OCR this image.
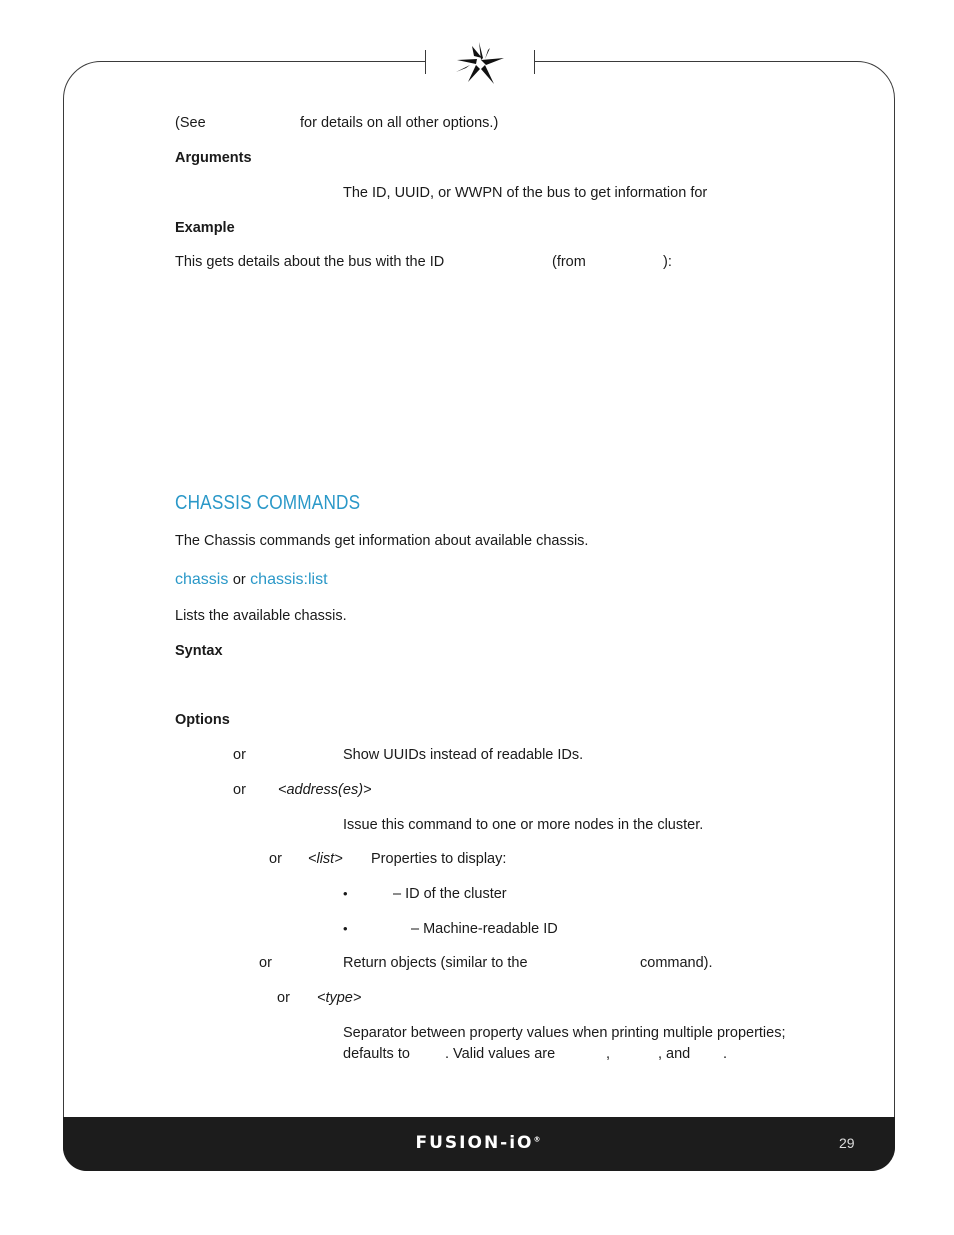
(See	for details on all other options.)
Arguments
The ID, UUID, or WWPN of the bus to get information for
Example
This gets details about the bus with the ID	(from	):
CHASSIS COMMANDS
The Chassis commands get information about available chassis.
chassis or chassis:list
Lists the available chassis.
Syntax
Options
or	Show UUIDs instead of readable IDs.
or <address(es)>
Issue this command to one or more nodes in the cluster.
or <list> Properties to display:
•	– ID of the cluster
•	– Machine-readable ID
or	Return objects (similar to the	command).
or <type>
Separator between property values when printing multiple properties;
defaults to . Valid values are	,	, and .
FUSION-iO®	29
